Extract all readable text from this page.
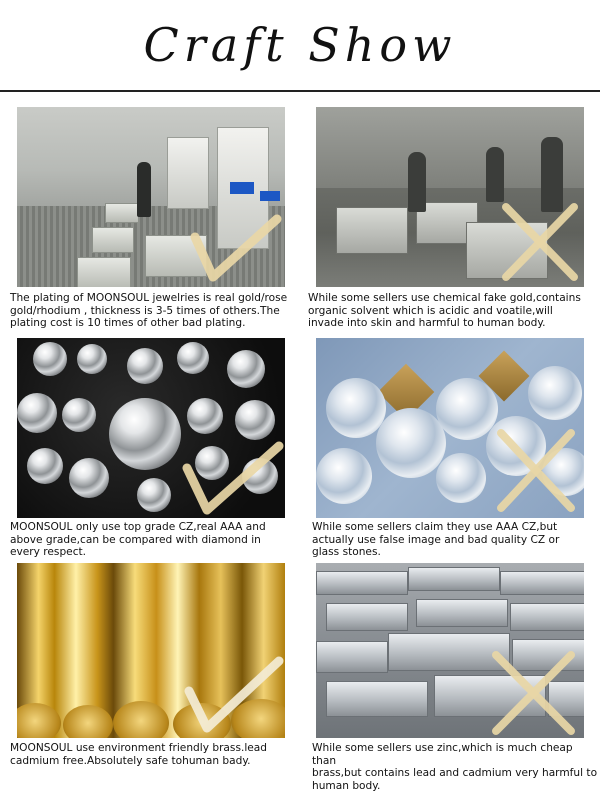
Craft Show
The plating of MOONSOUL jewelries is real gold/rose
gold/rhodium , thickness is 3-5 times of others.The
plating cost is 10 times of other bad plating.
While some sellers use chemical fake gold,contains
organic solvent which is acidic and voatile,will
invade into skin and harmful to human body.
MOONSOUL only use top grade CZ,real AAA and
above grade,can be compared with diamond in
every respect.
While some sellers claim they use AAA CZ,but
actually use false image and bad quality CZ or
glass stones.
MOONSOUL use environment friendly brass.lead
cadmium free.Absolutely safe tohuman bady.
While some sellers use zinc,which is much cheap than
brass,but contains lead and cadmium very harmful to
human body.
